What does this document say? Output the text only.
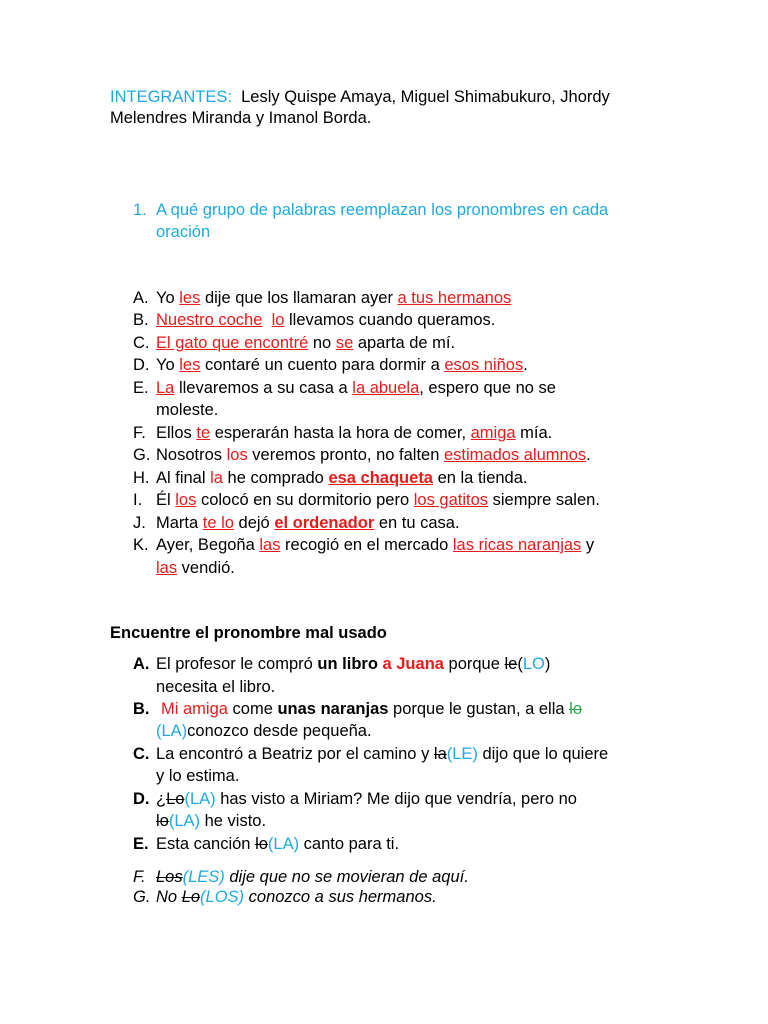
INTEGRANTES: Lesly Quispe Amaya, Miguel Shimabukuro, Jhordy
Melendres Miranda y Imanol Borda.
1. A qué grupo de palabras reemplazan los pronombres en cada
oración
A. Yo les dije que los llamaran ayer a tus hermanos
B. Nuestro coche lo llevamos cuando queramos.
C. El gato que encontré no se aparta de mí.
D. Yo les contaré un cuento para dormir a esos niños.
E. La llevaremos a su casa a la abuela, espero que no se
moleste.
F. Ellos te esperarán hasta la hora de comer, amiga mía.
G. Nosotros los veremos pronto, no falten estimados alumnos.
H. Al final la he comprado esa chaqueta en la tienda.
I. Él los colocó en su dormitorio pero los gatitos siempre salen.
J. Marta te lo dejó el ordenador en tu casa.
K. Ayer, Begoña las recogió en el mercado las ricas naranjas y
las vendió.
Encuentre el pronombre mal usado
A. El profesor le compró un libro a Juana porque le(LO)
necesita el libro.
B. Mi amiga come unas naranjas porque le gustan, a ella lo
(LA)conozco desde pequeña.
C. La encontró a Beatriz por el camino y la(LE) dijo que lo quiere
y lo estima.
D. ¿Lo(LA) has visto a Miriam? Me dijo que vendría, pero no
lo(LA) he visto.
E. Esta canción lo(LA) canto para ti.
F. Los(LES) dije que no se movieran de aquí.
G. No Lo(LOS) conozco a sus hermanos.
